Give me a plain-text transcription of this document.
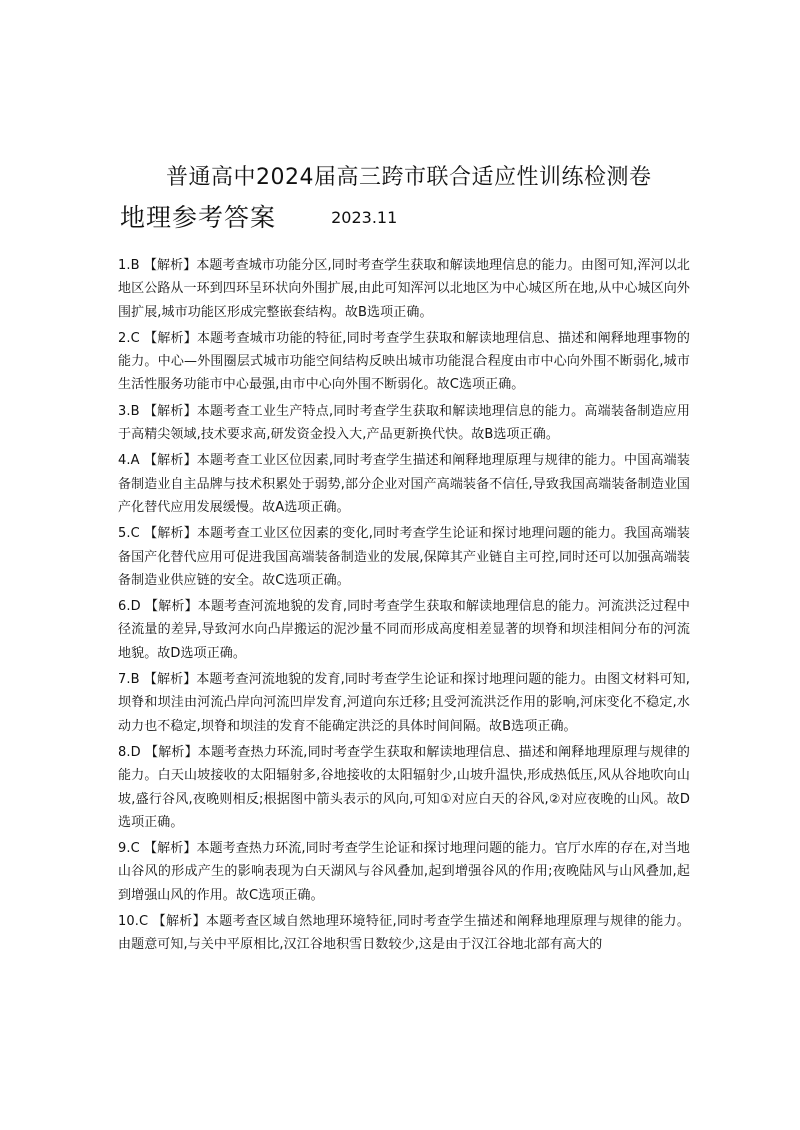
普通高中2024届高三跨市联合适应性训练检测卷
地理参考答案	2023.11

1.B 【解析】本题考查城市功能分区,同时考查学生获取和解读地理信息的能力。由图可知,浑河以北地区公路从一环到四环呈环状向外围扩展,由此可知浑河以北地区为中心城区所在地,从中心城区向外围扩展,城市功能区形成完整嵌套结构。故B选项正确。

2.C 【解析】本题考查城市功能的特征,同时考查学生获取和解读地理信息、描述和阐释地理事物的能力。中心—外围圈层式城市功能空间结构反映出城市功能混合程度由市中心向外围不断弱化,城市生活性服务功能市中心最强,由市中心向外围不断弱化。故C选项正确。

3.B 【解析】本题考查工业生产特点,同时考查学生获取和解读地理信息的能力。高端装备制造应用于高精尖领域,技术要求高,研发资金投入大,产品更新换代快。故B选项正确。

4.A 【解析】本题考查工业区位因素,同时考查学生描述和阐释地理原理与规律的能力。中国高端装备制造业自主品牌与技术积累处于弱势,部分企业对国产高端装备不信任,导致我国高端装备制造业国产化替代应用发展缓慢。故A选项正确。

5.C 【解析】本题考查工业区位因素的变化,同时考查学生论证和探讨地理问题的能力。我国高端装备国产化替代应用可促进我国高端装备制造业的发展,保障其产业链自主可控,同时还可以加强高端装备制造业供应链的安全。故C选项正确。

6.D 【解析】本题考查河流地貌的发育,同时考查学生获取和解读地理信息的能力。河流洪泛过程中径流量的差异,导致河水向凸岸搬运的泥沙量不同而形成高度相差显著的坝脊和坝洼相间分布的河流地貌。故D选项正确。

7.B 【解析】本题考查河流地貌的发育,同时考查学生论证和探讨地理问题的能力。由图文材料可知,坝脊和坝洼由河流凸岸向河流凹岸发育,河道向东迁移;且受河流洪泛作用的影响,河床变化不稳定,水动力也不稳定,坝脊和坝洼的发育不能确定洪泛的具体时间间隔。故B选项正确。

8.D 【解析】本题考查热力环流,同时考查学生获取和解读地理信息、描述和阐释地理原理与规律的能力。白天山坡接收的太阳辐射多,谷地接收的太阳辐射少,山坡升温快,形成热低压,风从谷地吹向山坡,盛行谷风,夜晚则相反;根据图中箭头表示的风向,可知①对应白天的谷风,②对应夜晚的山风。故D选项正确。

9.C 【解析】本题考查热力环流,同时考查学生论证和探讨地理问题的能力。官厅水库的存在,对当地山谷风的形成产生的影响表现为白天湖风与谷风叠加,起到增强谷风的作用;夜晚陆风与山风叠加,起到增强山风的作用。故C选项正确。

10.C 【解析】本题考查区域自然地理环境特征,同时考查学生描述和阐释地理原理与规律的能力。由题意可知,与关中平原相比,汉江谷地积雪日数较少,这是由于汉江谷地北部有高大的
